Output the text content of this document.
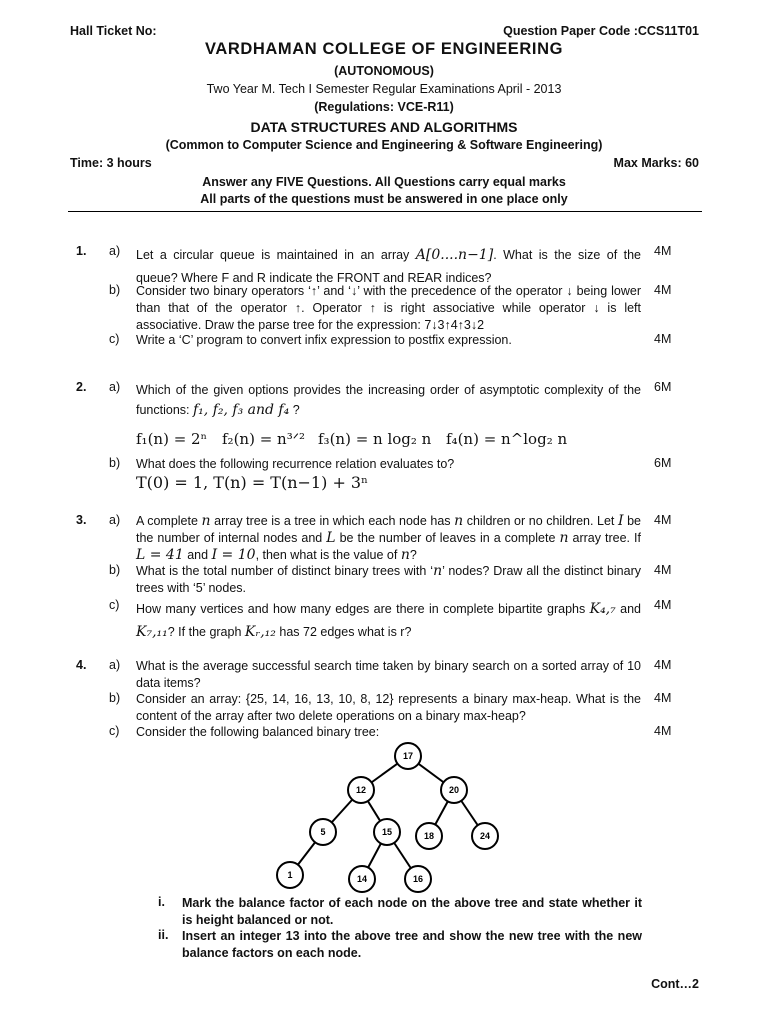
Hall Ticket No:	Question Paper Code :CCS11T01
VARDHAMAN COLLEGE OF ENGINEERING
(AUTONOMOUS)
Two Year M. Tech I Semester Regular Examinations April - 2013
(Regulations: VCE-R11)
DATA STRUCTURES AND ALGORITHMS
(Common to Computer Science and Engineering & Software Engineering)
Time: 3 hours	Max Marks: 60
Answer any FIVE Questions. All Questions carry equal marks
All parts of the questions must be answered in one place only
1. a) Let a circular queue is maintained in an array A[0....n−1]. What is the size of the queue? Where F and R indicate the FRONT and REAR indices?
4M
b) Consider two binary operators ‘↑’ and ‘↓’ with the precedence of the operator ↓ being lower than that of the operator ↑. Operator ↑ is right associative while operator ↓ is left associative. Draw the parse tree for the expression: 7↓3↑4↑3↓2
4M
c) Write a ‘C’ program to convert infix expression to postfix expression.	4M
2. a) Which of the given options provides the increasing order of asymptotic complexity of the functions: f₁, f₂, f₃ and f₄ ?
6M
f₁(n) = 2ⁿ f₂(n) = n³ᐟ² f₃(n) = n log₂ n f₄(n) = n^log₂ n
b) What does the following recurrence relation evaluates to?	6M
T(0) = 1, T(n) = T(n−1) + 3ⁿ
3. a) A complete n array tree is a tree in which each node has n children or no children. Let I be the number of internal nodes and L be the number of leaves in a complete n array tree. If L = 41 and I = 10, then what is the value of n?
4M
b) What is the total number of distinct binary trees with ‘n’ nodes? Draw all the distinct binary trees with ‘5’ nodes.
4M
c) How many vertices and how many edges are there in complete bipartite graphs K₄,₇ and K₇,₁₁? If the graph Kᵣ,₁₂ has 72 edges what is r?
4M
4. a) What is the average successful search time taken by binary search on a sorted array of 10 data items?
4M
b) Consider an array: {25, 14, 16, 13, 10, 8, 12} represents a binary max-heap. What is the content of the array after two delete operations on a binary max-heap?
4M
c) Consider the following balanced binary tree:	4M
17
12	20
5	15	18	24
1	14	16
i. Mark the balance factor of each node on the above tree and state whether it is height balanced or not.
ii. Insert an integer 13 into the above tree and show the new tree with the new balance factors on each node.
Cont…2
